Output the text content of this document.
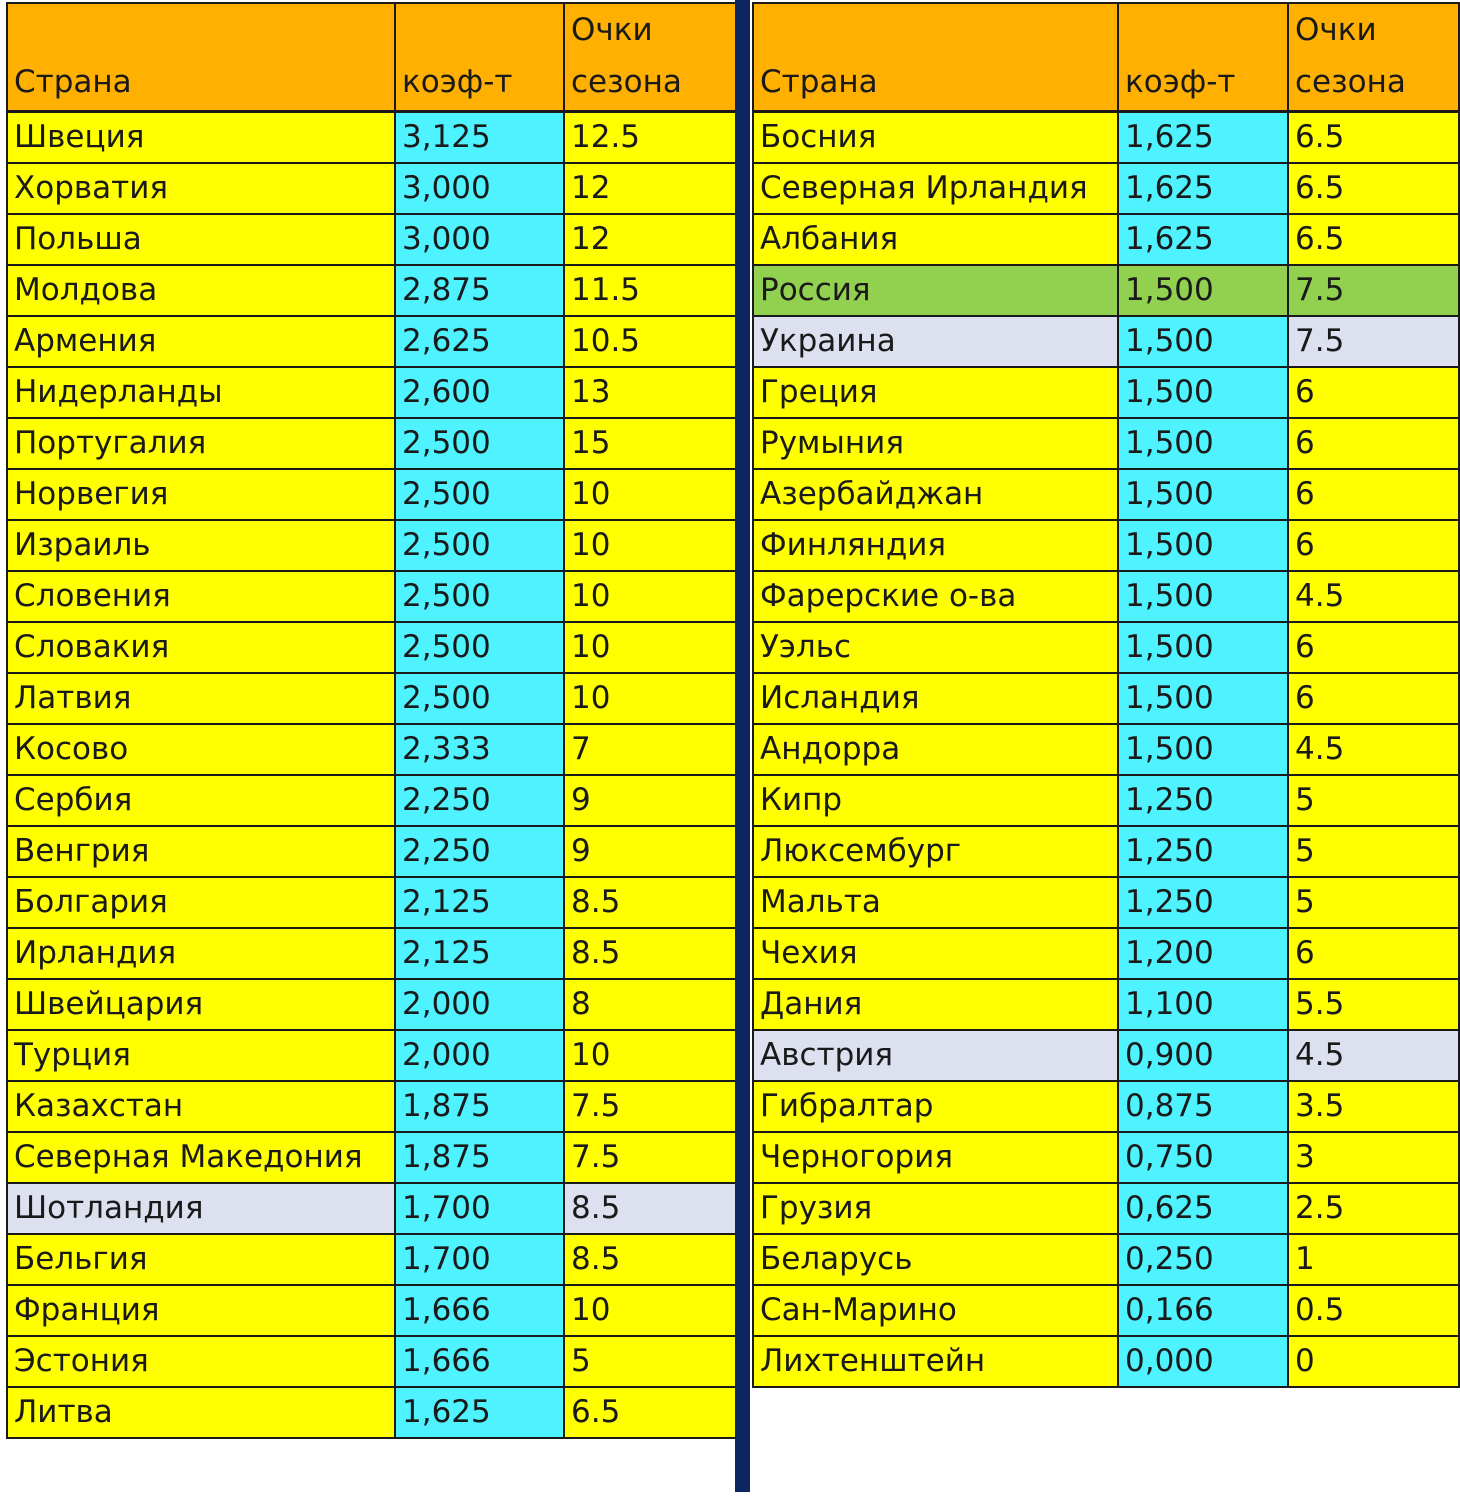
Страна	коэф-т	Очки
сезона
Швеция	3,125	12.5
Хорватия	3,000	12
Польша	3,000	12
Молдова	2,875	11.5
Армения	2,625	10.5
Нидерланды	2,600	13
Португалия	2,500	15
Норвегия	2,500	10
Израиль	2,500	10
Словения	2,500	10
Словакия	2,500	10
Латвия	2,500	10
Косово	2,333	7
Сербия	2,250	9
Венгрия	2,250	9
Болгария	2,125	8.5
Ирландия	2,125	8.5
Швейцария	2,000	8
Турция	2,000	10
Казахстан	1,875	7.5
Северная Македония	1,875	7.5
Шотландия	1,700	8.5
Бельгия	1,700	8.5
Франция	1,666	10
Эстония	1,666	5
Литва	1,625	6.5
Страна	коэф-т	Очки
сезона
Босния	1,625	6.5
Северная Ирландия	1,625	6.5
Албания	1,625	6.5
Россия	1,500	7.5
Украина	1,500	7.5
Греция	1,500	6
Румыния	1,500	6
Азербайджан	1,500	6
Финляндия	1,500	6
Фарерские о-ва	1,500	4.5
Уэльс	1,500	6
Исландия	1,500	6
Андорра	1,500	4.5
Кипр	1,250	5
Люксембург	1,250	5
Мальта	1,250	5
Чехия	1,200	6
Дания	1,100	5.5
Австрия	0,900	4.5
Гибралтар	0,875	3.5
Черногория	0,750	3
Грузия	0,625	2.5
Беларусь	0,250	1
Сан-Марино	0,166	0.5
Лихтенштейн	0,000	0
